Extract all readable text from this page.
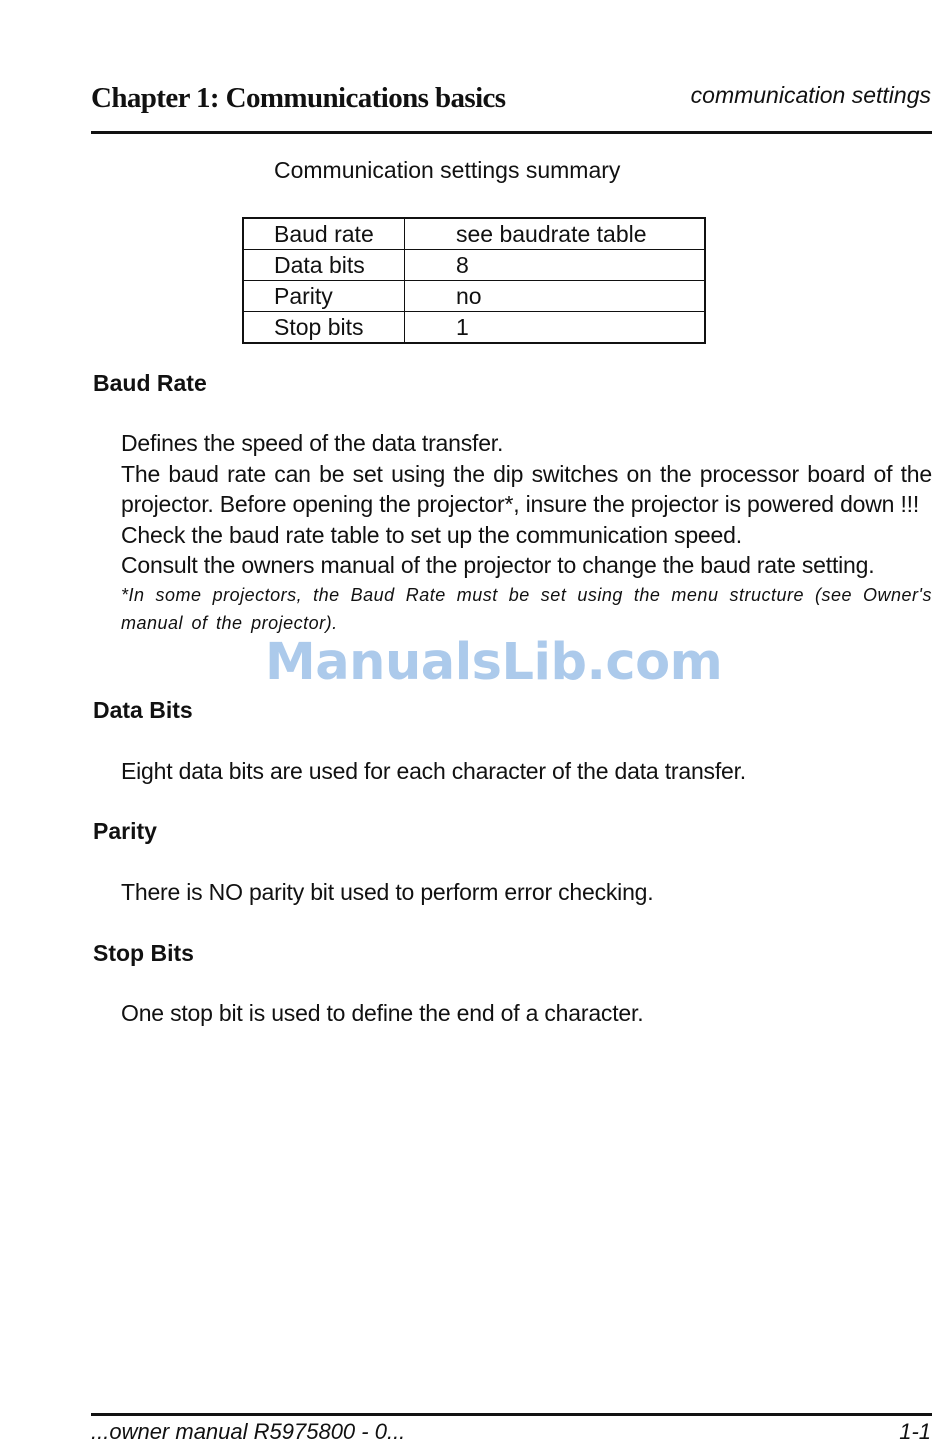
Chapter 1: Communications basics	communication settings
Communication settings summary
Baud rate	see baudrate table
Data bits	8
Parity	no
Stop bits	1
Baud Rate

Defines the speed of the data transfer.

The baud rate can be set using the dip switches on the processor board of the projector. Before opening the projector*, insure the projector is powered down !!!

Check the baud rate table to set up the communication speed.

Consult the owners manual of the projector to change the baud rate setting.

*In some projectors, the Baud Rate must be set using the menu structure (see Owner's manual of the projector).

Data Bits
Eight data bits are used for each character of the data transfer.
Parity
There is NO parity bit used to perform error checking.
Stop Bits
One stop bit is used to define the end of a character.
ManualsLib.com
...owner manual R5975800 - 0...	1-1
